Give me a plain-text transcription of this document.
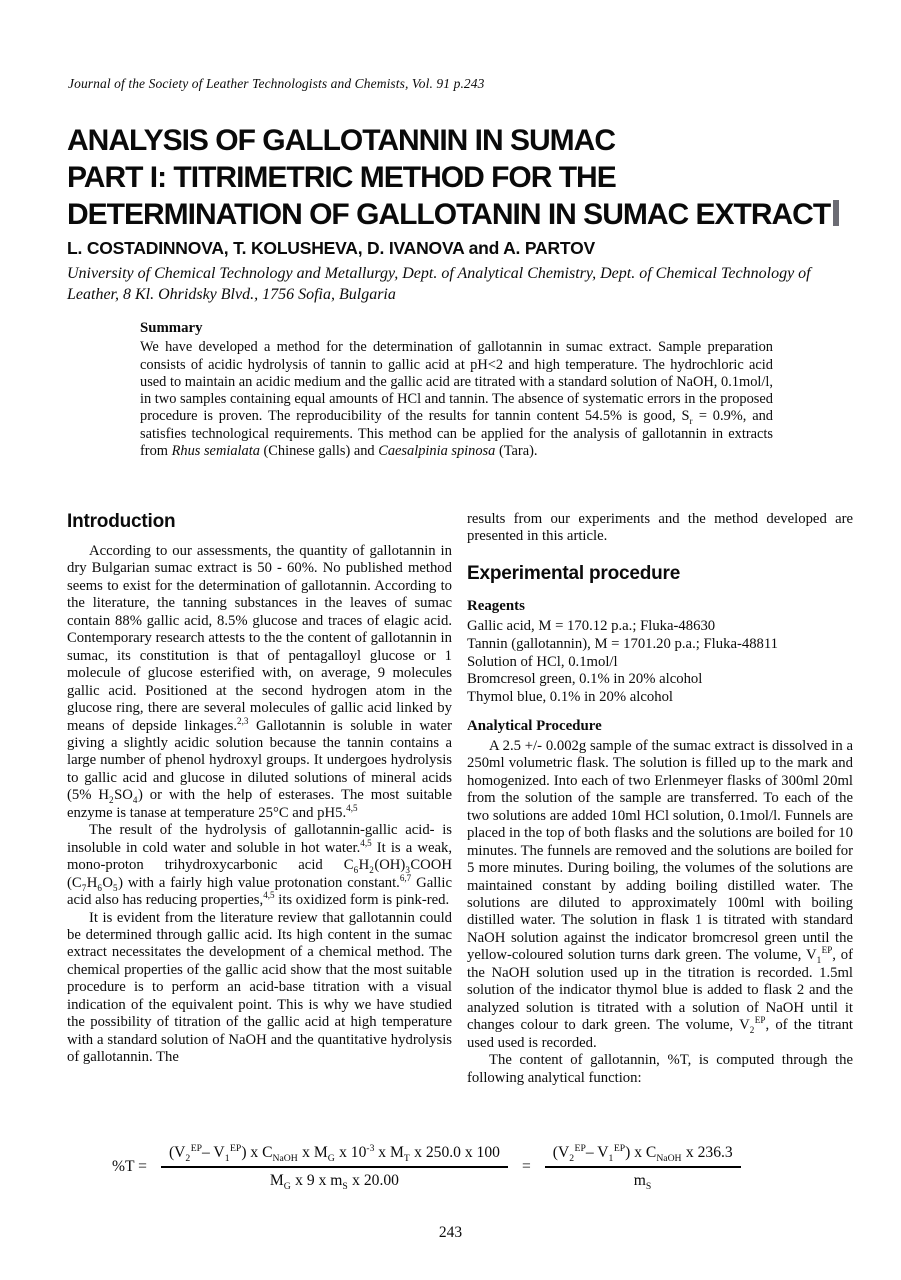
Journal of the Society of Leather Technologists and Chemists, Vol. 91 p.243
ANALYSIS OF GALLOTANNIN IN SUMAC
PART I: TITRIMETRIC METHOD FOR THE
DETERMINATION OF GALLOTANIN IN SUMAC EXTRACT
L. COSTADINNOVA, T. KOLUSHEVA, D. IVANOVA and A. PARTOV
University of Chemical Technology and Metallurgy, Dept. of Analytical Chemistry, Dept. of Chemical Technology of Leather, 8 Kl. Ohridsky Blvd., 1756 Sofia, Bulgaria
Summary
We have developed a method for the determination of gallotannin in sumac extract. Sample preparation consists of acidic hydrolysis of tannin to gallic acid at pH<2 and high temperature. The hydrochloric acid used to maintain an acidic medium and the gallic acid are titrated with a standard solution of NaOH, 0.1mol/l, in two samples containing equal amounts of HCl and tannin. The absence of systematic errors in the proposed procedure is proven. The reproducibility of the results for tannin content 54.5% is good, $S_r = 0.9\%$, and satisfies technological requirements. This method can be applied for the analysis of gallotannin in extracts from Rhus semialata (Chinese galls) and Caesalpinia spinosa (Tara).
Introduction

According to our assessments, the quantity of gallotannin in dry Bulgarian sumac extract is 50 - 60%. No published method seems to exist for the determination of gallotannin. According to the literature, the tanning substances in the leaves of sumac contain 88% gallic acid, 8.5% glucose and traces of elagic acid. Contemporary research attests to the the content of gallotannin in sumac, its constitution is that of pentagalloyl glucose or 1 molecule of glucose esterified with, on average, 9 molecules gallic acid. Positioned at the second hydrogen atom in the glucose ring, there are several molecules of gallic acid linked by means of depside linkages.$^{2,3}$ Gallotannin is soluble in water giving a slightly acidic solution because the tannin contains a large number of phenol hydroxyl groups. It undergoes hydrolysis to gallic acid and glucose in diluted solutions of mineral acids (5% $H_2SO_4$) or with the help of esterases. The most suitable enzyme is tanase at temperature 25°C and pH5.$^{4,5}$

The result of the hydrolysis of gallotannin-gallic acid- is insoluble in cold water and soluble in hot water.$^{4,5}$ It is a weak, mono-proton trihydroxycarbonic acid $C_6H_2(OH)_3COOH$ $(C_7H_6O_5)$ with a fairly high value protonation constant.$^{6,7}$ Gallic acid also has reducing properties,$^{4,5}$ its oxidized form is pink-red.

It is evident from the literature review that gallotannin could be determined through gallic acid. Its high content in the sumac extract necessitates the development of a chemical method. The chemical properties of the gallic acid show that the most suitable procedure is to perform an acid-base titration with a visual indication of the equivalent point. This is why we have studied the possibility of titration of the gallic acid at high temperature with a standard solution of NaOH and the quantitative hydrolysis of gallotannin. The

results from our experiments and the method developed are presented in this article.

Experimental procedure
Reagents
Gallic acid, M = 170.12 p.a.; Fluka-48630
Tannin (gallotannin), M = 1701.20 p.a.; Fluka-48811
Solution of HCl, 0.1mol/l
Bromcresol green, 0.1% in 20% alcohol
Thymol blue, 0.1% in 20% alcohol
Analytical Procedure

A 2.5 +/- 0.002g sample of the sumac extract is dissolved in a 250ml volumetric flask. The solution is filled up to the mark and homogenized. Into each of two Erlenmeyer flasks of 300ml 20ml from the solution of the sample are transferred. To each of the two solutions are added 10ml HCl solution, 0.1mol/l. Funnels are placed in the top of both flasks and the solutions are boiled for 10 minutes. The funnels are removed and the solutions are boiled for 5 more minutes. During boiling, the volumes of the solutions are maintained constant by adding boiling distilled water. The solutions are diluted to approximately 100ml with boiling distilled water. The solution in flask 1 is titrated with standard NaOH solution against the indicator bromcresol green until the yellow-coloured solution turns dark green. The volume, $V_1^{EP}$, of the NaOH solution used up in the titration is recorded. 1.5ml solution of the indicator thymol blue is added to flask 2 and the analyzed solution is titrated with a solution of NaOH until it changes colour to dark green. The volume, $V_2^{EP}$, of the titrant used used is recorded.

The content of gallotannin, %T, is computed through the following analytical function:

$\%T = \frac{(V_2^{EP}- V_1^{EP}) x C_{NaOH} x M_G x 10^{-3} x M_T x 250.0 x 100}{M_G x 9 x m_S x 20.00} = \frac{(V_2^{EP}- V_1^{EP}) x C_{NaOH} x 236.3}{m_S}$
243
